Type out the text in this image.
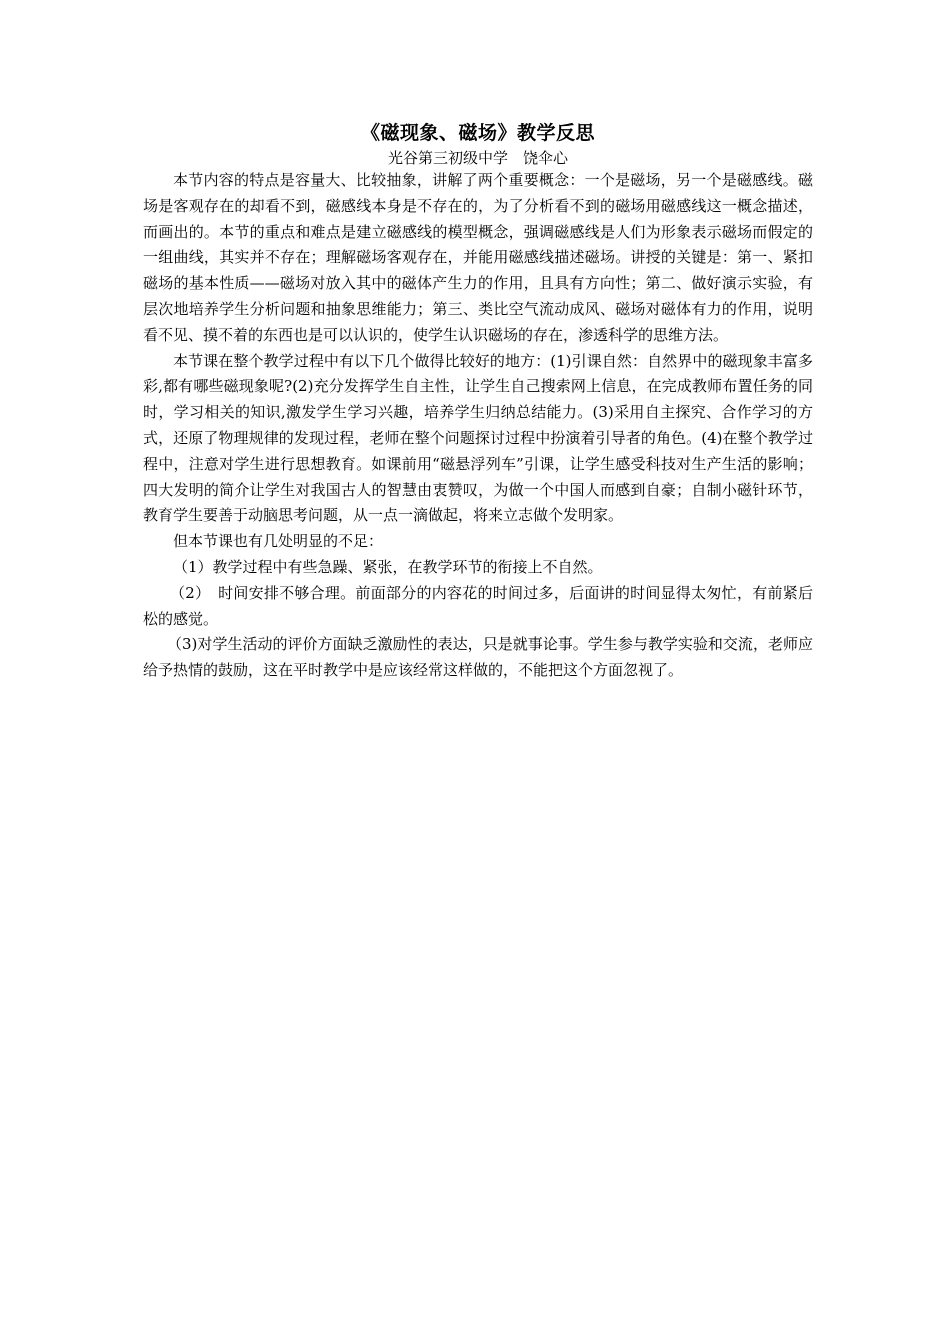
《磁现象、磁场》教学反思

光谷第三初级中学　饶伞心

本节内容的特点是容量大、比较抽象，讲解了两个重要概念：一个是磁场，另一个是磁感线。磁场是客观存在的却看不到，磁感线本身是不存在的，为了分析看不到的磁场用磁感线这一概念描述，而画出的。本节的重点和难点是建立磁感线的模型概念，强调磁感线是人们为形象表示磁场而假定的一组曲线，其实并不存在；理解磁场客观存在，并能用磁感线描述磁场。讲授的关键是：第一、紧扣磁场的基本性质——磁场对放入其中的磁体产生力的作用，且具有方向性；第二、做好演示实验，有层次地培养学生分析问题和抽象思维能力；第三、类比空气流动成风、磁场对磁体有力的作用，说明看不见、摸不着的东西也是可以认识的，使学生认识磁场的存在，渗透科学的思维方法。

本节课在整个教学过程中有以下几个做得比较好的地方：(1)引课自然：自然界中的磁现象丰富多彩,都有哪些磁现象呢?(2)充分发挥学生自主性，让学生自己搜索网上信息，在完成教师布置任务的同时，学习相关的知识,激发学生学习兴趣，培养学生归纳总结能力。(3)采用自主探究、合作学习的方式，还原了物理规律的发现过程，老师在整个问题探讨过程中扮演着引导者的角色。(4)在整个教学过程中，注意对学生进行思想教育。如课前用“磁悬浮列车”引课，让学生感受科技对生产生活的影响；四大发明的简介让学生对我国古人的智慧由衷赞叹，为做一个中国人而感到自豪；自制小磁针环节，教育学生要善于动脑思考问题，从一点一滴做起，将来立志做个发明家。

但本节课也有几处明显的不足：

（1）教学过程中有些急躁、紧张，在教学环节的衔接上不自然。

（2）　时间安排不够合理。前面部分的内容花的时间过多，后面讲的时间显得太匆忙，有前紧后松的感觉。

（3)对学生活动的评价方面缺乏激励性的表达，只是就事论事。学生参与教学实验和交流，老师应给予热情的鼓励，这在平时教学中是应该经常这样做的，不能把这个方面忽视了。
